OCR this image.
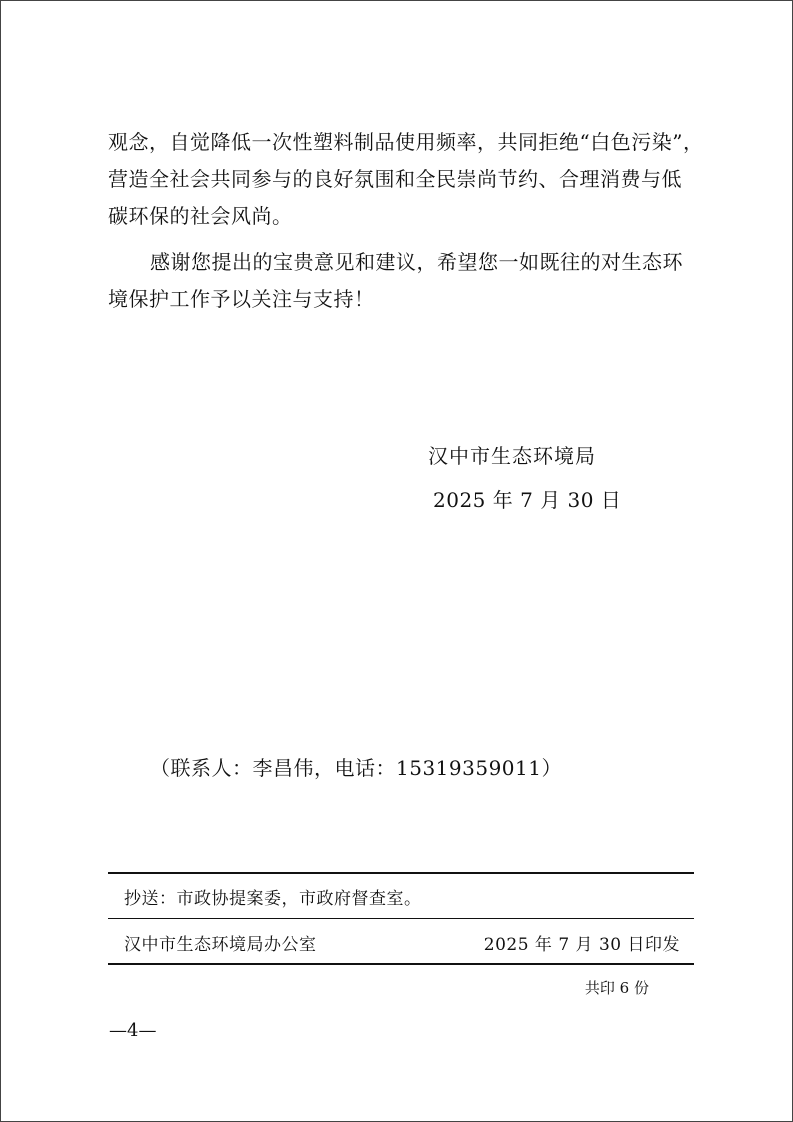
观念，自觉降低一次性塑料制品使用频率，共同拒绝“白色污染”，

营造全社会共同参与的良好氛围和全民崇尚节约、合理消费与低

碳环保的社会风尚。

感谢您提出的宝贵意见和建议，希望您一如既往的对生态环

境保护工作予以关注与支持！

汉中市生态环境局
2025 年 7 月 30 日
（联系人：李昌伟，电话：15319359011）
抄送：市政协提案委，市政府督查室。
汉中市生态环境局办公室	2025 年 7 月 30 日印发
共印 6 份
—4—
